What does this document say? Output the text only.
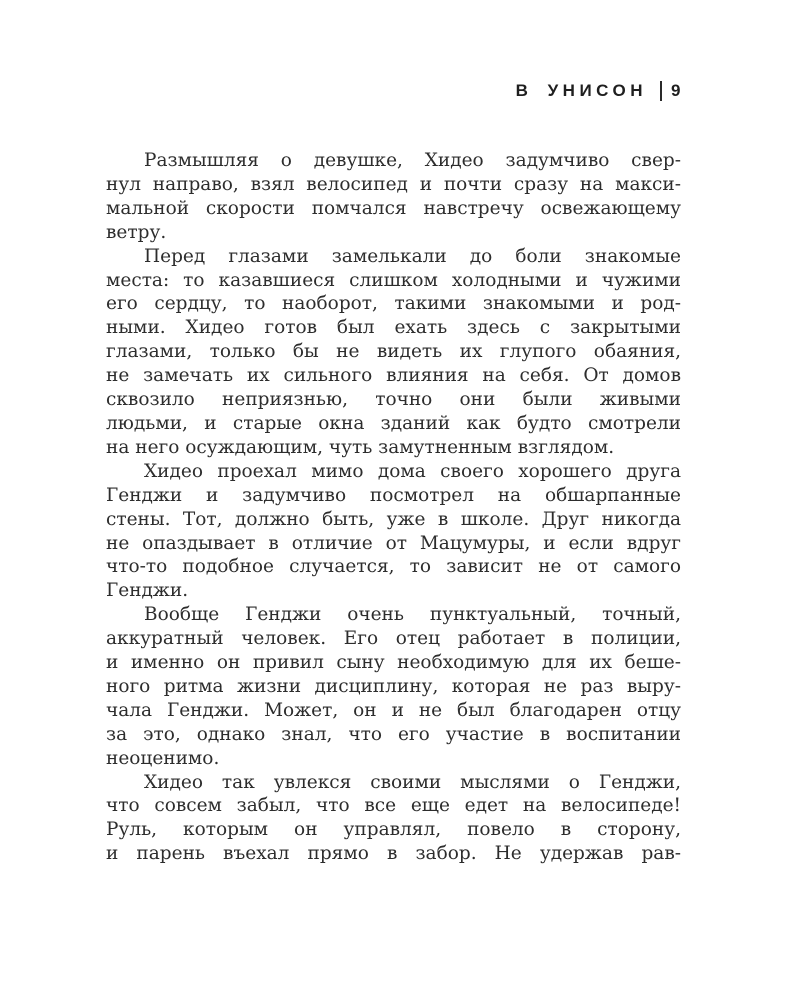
В УНИСОН 9
Размышляя о девушке, Хидео задумчиво свер-
нул направо, взял велосипед и почти сразу на макси-
мальной скорости помчался навстречу освежающему
ветру.
Перед глазами замелькали до боли знакомые
места: то казавшиеся слишком холодными и чужими
его сердцу, то наоборот, такими знакомыми и род-
ными. Хидео готов был ехать здесь с закрытыми
глазами, только бы не видеть их глупого обаяния,
не замечать их сильного влияния на себя. От домов
сквозило неприязнью, точно они были живыми
людьми, и старые окна зданий как будто смотрели
на него осуждающим, чуть замутненным взглядом.
Хидео проехал мимо дома своего хорошего друга
Генджи и задумчиво посмотрел на обшарпанные
стены. Тот, должно быть, уже в школе. Друг никогда
не опаздывает в отличие от Мацумуры, и если вдруг
что-то подобное случается, то зависит не от самого
Генджи.
Вообще Генджи очень пунктуальный, точный,
аккуратный человек. Его отец работает в полиции,
и именно он привил сыну необходимую для их беше-
ного ритма жизни дисциплину, которая не раз выру-
чала Генджи. Может, он и не был благодарен отцу
за это, однако знал, что его участие в воспитании
неоценимо.
Хидео так увлекся своими мыслями о Генджи,
что совсем забыл, что все еще едет на велосипеде!
Руль, которым он управлял, повело в сторону,
и парень въехал прямо в забор. Не удержав рав-
